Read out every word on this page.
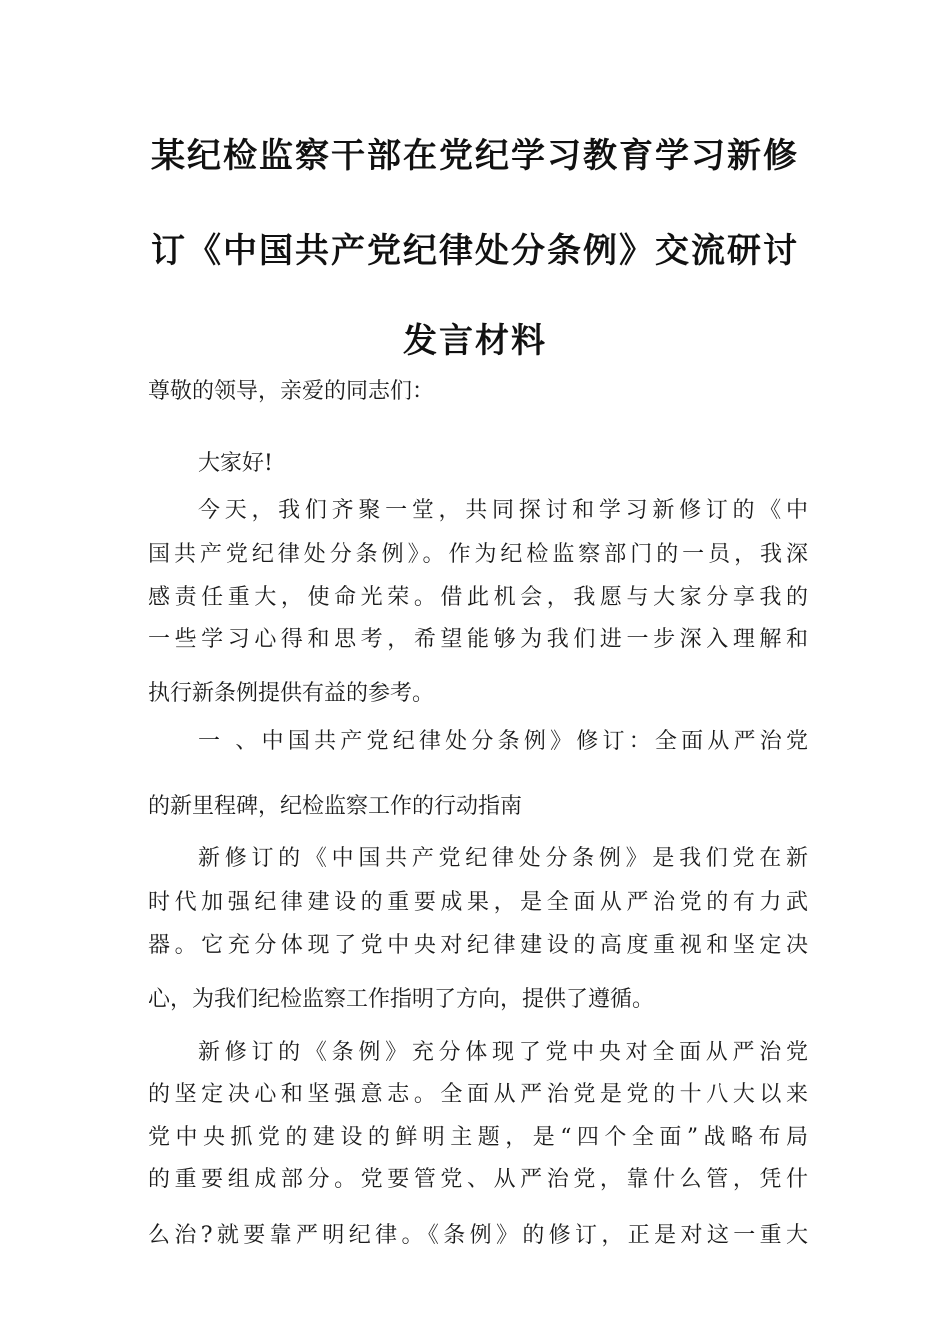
某纪检监察干部在党纪学习教育学习新修
订《中国共产党纪律处分条例》交流研讨
发言材料
尊敬的领导，亲爱的同志们：
大家好!
今天，我们齐聚一堂，共同探讨和学习新修订的《中
国共产党纪律处分条例》。作为纪检监察部门的一员，我深
感责任重大，使命光荣。借此机会，我愿与大家分享我的
一些学习心得和思考，希望能够为我们进一步深入理解和
执行新条例提供有益的参考。
一 、中国共产党纪律处分条例》修订：全面从严治党
的新里程碑，纪检监察工作的行动指南
新修订的《中国共产党纪律处分条例》是我们党在新
时代加强纪律建设的重要成果，是全面从严治党的有力武
器。它充分体现了党中央对纪律建设的高度重视和坚定决
心，为我们纪检监察工作指明了方向，提供了遵循。
新修订的《条例》充分体现了党中央对全面从严治党
的坚定决心和坚强意志。全面从严治党是党的十八大以来
党中央抓党的建设的鲜明主题，是“四个全面”战略布局
的重要组成部分。党要管党、从严治党，靠什么管，凭什
么治?就要靠严明纪律。《条例》的修订，正是对这一重大
